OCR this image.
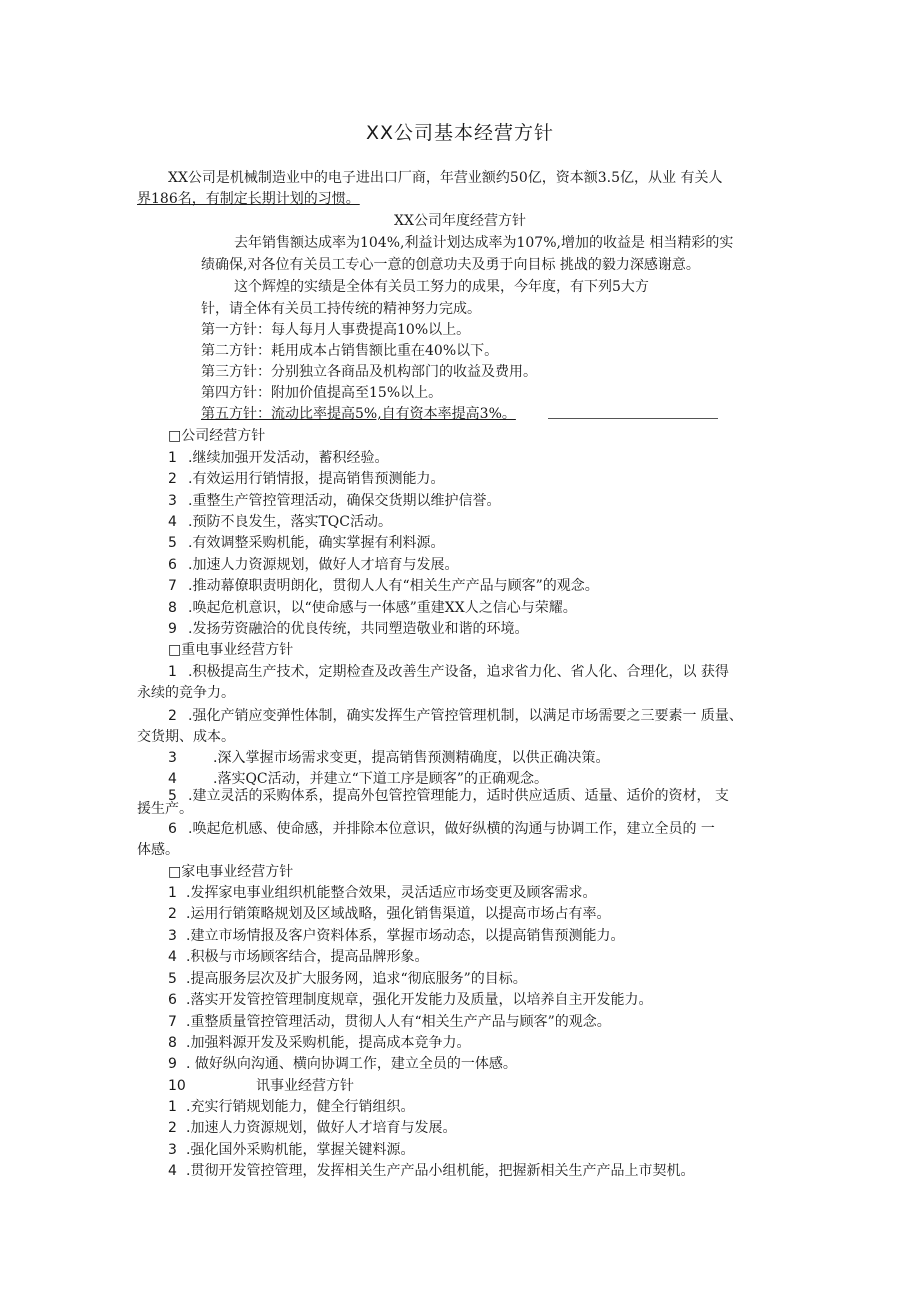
XX公司基本经营方针
XX公司是机械制造业中的电子进出口厂商，年营业额约50亿，资本额3.5亿，从业 有关人
界186名，有制定长期计划的习惯。
XX公司年度经营方针
去年销售额达成率为104%,利益计划达成率为107%,增加的收益是 相当精彩的实
绩确保,对各位有关员工专心一意的创意功夫及勇于向目标 挑战的毅力深感谢意。
这个辉煌的实绩是全体有关员工努力的成果，今年度，有下列5大方
针，请全体有关员工持传统的精神努力完成。
第一方针：每人每月人事费提高10%以上。
第二方针：耗用成本占销售额比重在40%以下。
第三方针：分别独立各商品及机构部门的收益及费用。
第四方针：附加价值提高至15%以上。
第五方针：流动比率提高5%,自有资本率提高3%。
□公司经营方针
1 .继续加强开发活动，蓄积经验。
2 .有效运用行销情报，提高销售预测能力。
3 .重整生产管控管理活动，确保交货期以维护信誉。
4 .预防不良发生，落实TQC活动。
5 .有效调整采购机能，确实掌握有利料源。
6 .加速人力资源规划，做好人才培育与发展。
7 .推动幕僚职责明朗化，贯彻人人有“相关生产产品与顾客”的观念。
8 .唤起危机意识，以“使命感与一体感”重建XX人之信心与荣耀。
9 .发扬劳资融洽的优良传统，共同塑造敬业和谐的环境。
□重电事业经营方针
1 .积极提高生产技术，定期检查及改善生产设备，追求省力化、省人化、合理化，以 获得
永续的竞争力。
2 .强化产销应变弹性体制，确实发挥生产管控管理机制，以满足市场需要之三要素一 质量、
交货期、成本。
3	.深入掌握市场需求变更，提高销售预测精确度，以供正确决策。
4	.落实QC活动，并建立“下道工序是顾客”的正确观念。
5 .建立灵活的采购体系，提高外包管控管理能力，适时供应适质、适量、适价的资材， 支
援生产。
6 .唤起危机感、使命感，并排除本位意识，做好纵横的沟通与协调工作，建立全员的 一
体感。
□家电事业经营方针
1 .发挥家电事业组织机能整合效果，灵活适应市场变更及顾客需求。
2 .运用行销策略规划及区域战略，强化销售渠道，以提高市场占有率。
3 .建立市场情报及客户资料体系，掌握市场动态，以提高销售预测能力。
4 .积极与市场顾客结合，提高品牌形象。
5 .提高服务层次及扩大服务网，追求“彻底服务”的目标。
6 .落实开发管控管理制度规章，强化开发能力及质量，以培养自主开发能力。
7 .重整质量管控管理活动，贯彻人人有“相关生产产品与顾客”的观念。
8 .加强料源开发及采购机能，提高成本竞争力。
9 . 做好纵向沟通、横向协调工作，建立全员的一体感。
10	讯事业经营方针
1 .充实行销规划能力，健全行销组织。
2 .加速人力资源规划，做好人才培育与发展。
3 .强化国外采购机能，掌握关键料源。
4 .贯彻开发管控管理，发挥相关生产产品小组机能，把握新相关生产产品上市契机。
